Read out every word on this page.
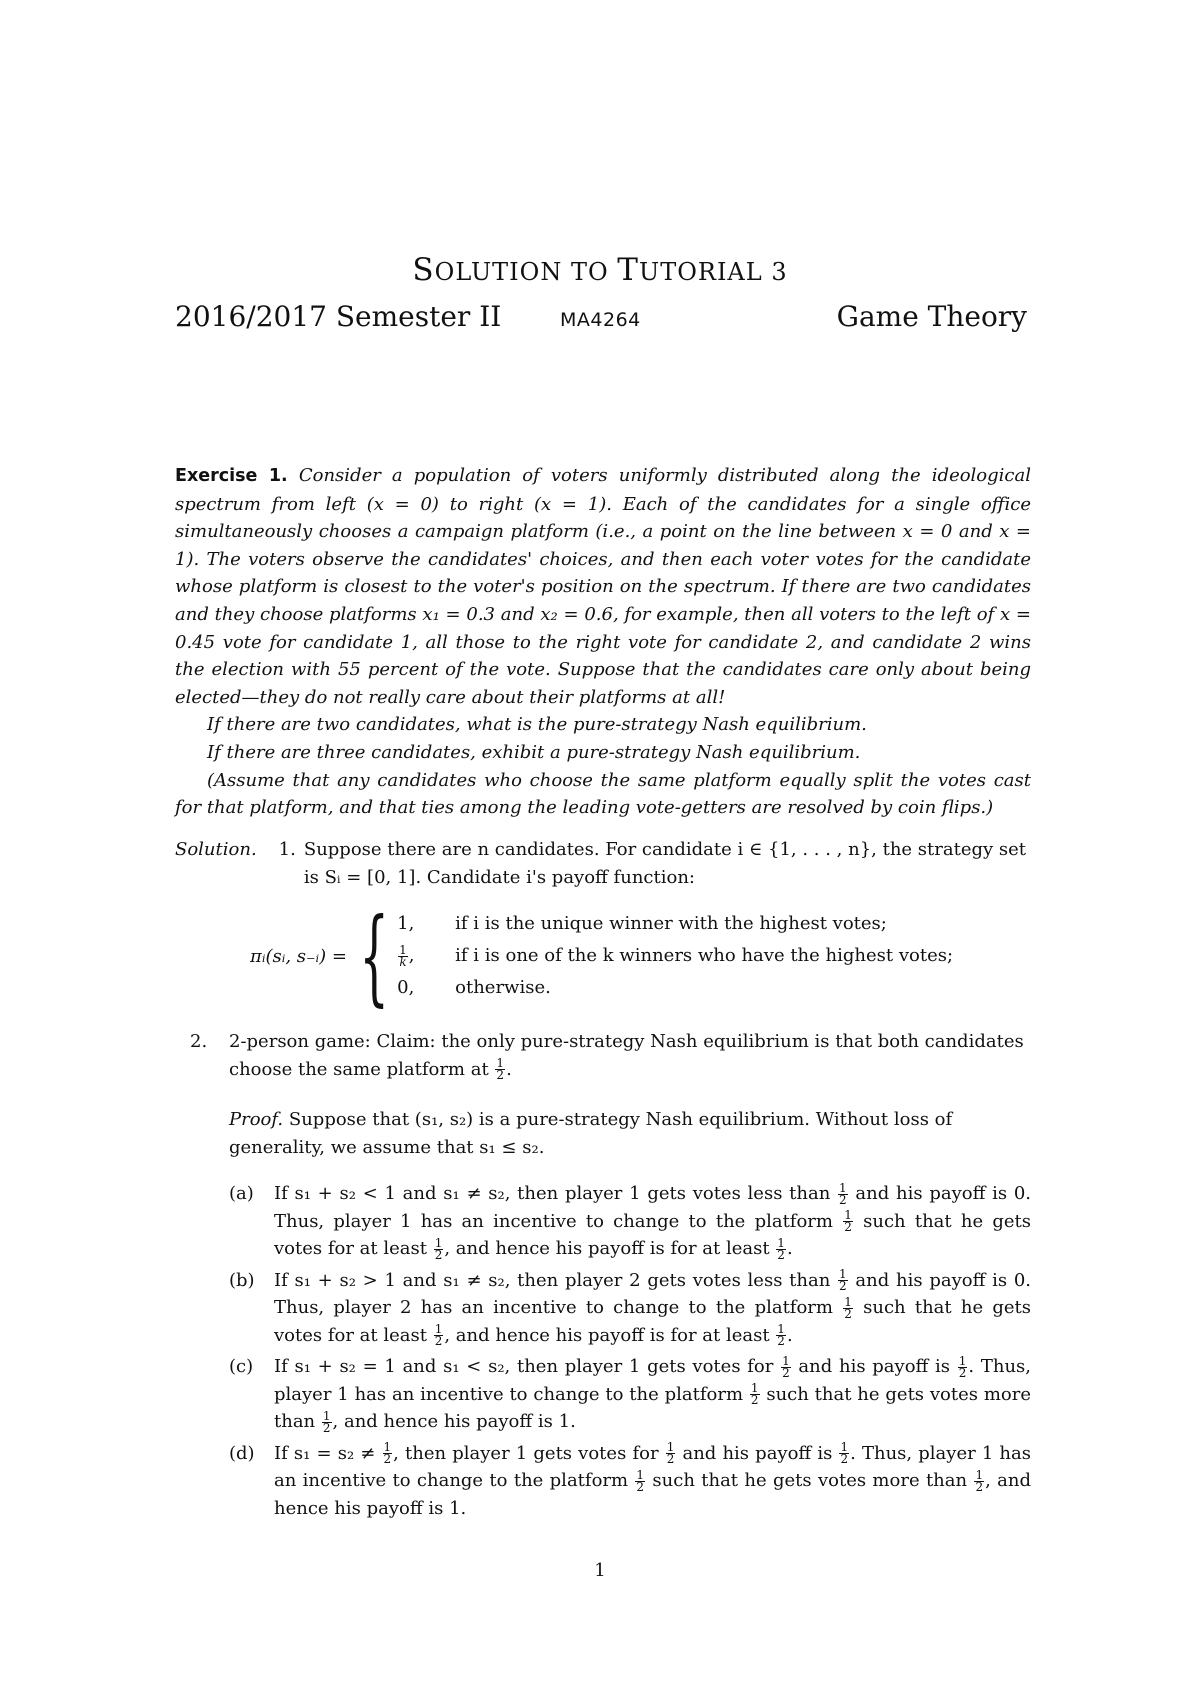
SOLUTION TO TUTORIAL 3
2016/2017 Semester II	MA4264	Game Theory
Exercise 1. Consider a population of voters uniformly distributed along the ideological spectrum from left (x = 0) to right (x = 1). Each of the candidates for a single office simultaneously chooses a campaign platform (i.e., a point on the line between x = 0 and x = 1). The voters observe the candidates' choices, and then each voter votes for the candidate whose platform is closest to the voter's position on the spectrum. If there are two candidates and they choose platforms x₁ = 0.3 and x₂ = 0.6, for example, then all voters to the left of x = 0.45 vote for candidate 1, all those to the right vote for candidate 2, and candidate 2 wins the election with 55 percent of the vote. Suppose that the candidates care only about being elected—they do not really care about their platforms at all!
If there are two candidates, what is the pure-strategy Nash equilibrium.
If there are three candidates, exhibit a pure-strategy Nash equilibrium.
(Assume that any candidates who choose the same platform equally split the votes cast for that platform, and that ties among the leading vote-getters are resolved by coin flips.)
Solution. 1. Suppose there are n candidates. For candidate i ∈ {1, . . . , n}, the strategy set is Sᵢ = [0, 1]. Candidate i's payoff function:
πᵢ(sᵢ, s₋ᵢ) = { 1,	if i is the unique winner with the highest votes;
$\frac{1}{k}$ ,	if i is one of the k winners who have the highest votes;
0,	otherwise.
2.	2-person game: Claim: the only pure-strategy Nash equilibrium is that both candidates choose the same platform at $\frac{1}{2}$ .
Proof. Suppose that (s₁, s₂) is a pure-strategy Nash equilibrium. Without loss of generality, we assume that s₁ ≤ s₂.
(a)	If s₁ + s₂ < 1 and s₁ ≠ s₂, then player 1 gets votes less than $\frac{1}{2}$ and his payoff is 0. Thus, player 1 has an incentive to change to the platform $\frac{1}{2}$ such that he gets votes for at least $\frac{1}{2}$ , and hence his payoff is for at least $\frac{1}{2}$ .
(b)	If s₁ + s₂ > 1 and s₁ ≠ s₂, then player 2 gets votes less than $\frac{1}{2}$ and his payoff is 0. Thus, player 2 has an incentive to change to the platform $\frac{1}{2}$ such that he gets votes for at least $\frac{1}{2}$ , and hence his payoff is for at least $\frac{1}{2}$ .
(c)	If s₁ + s₂ = 1 and s₁ < s₂, then player 1 gets votes for $\frac{1}{2}$ and his payoff is $\frac{1}{2}$ . Thus, player 1 has an incentive to change to the platform $\frac{1}{2}$ such that he gets votes more than $\frac{1}{2}$ , and hence his payoff is 1.
(d)	If $s_1 = s_2 \ne \frac{1}{2}$ , then player 1 gets votes for $\frac{1}{2}$ and his payoff is $\frac{1}{2}$ . Thus, player 1 has an incentive to change to the platform $\frac{1}{2}$ such that he gets votes more than $\frac{1}{2}$ , and hence his payoff is 1.
1
